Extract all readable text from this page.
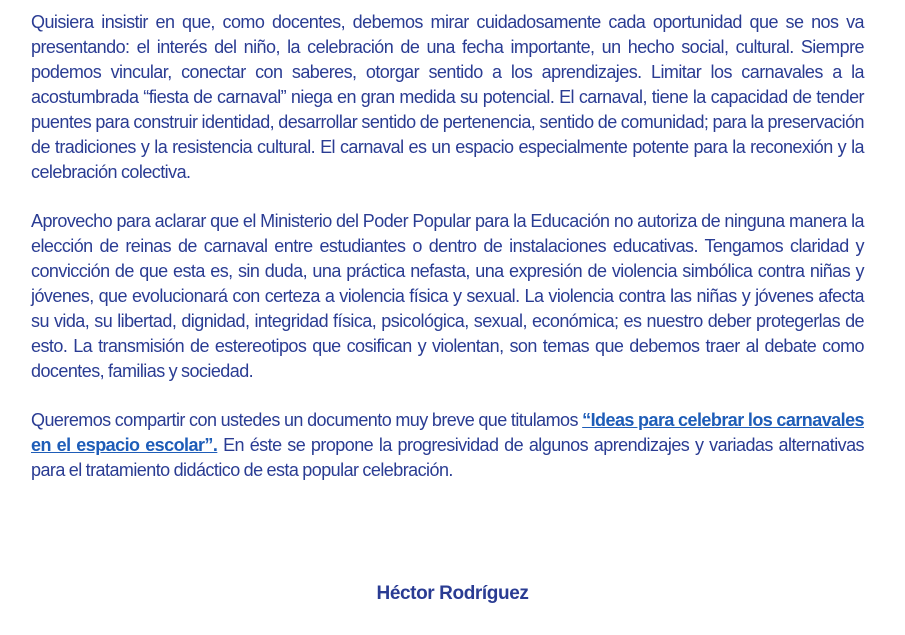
Quisiera insistir en que, como docentes, debemos mirar cuidadosamente cada oportunidad que se nos va presentando: el interés del niño, la celebración de una fecha importante, un hecho social, cultural. Siempre podemos vincular, conectar con saberes, otorgar sentido a los aprendizajes. Limitar los carnavales a la acostumbrada “fiesta de carnaval” niega en gran medida su potencial. El carnaval, tiene la capacidad de tender puentes para construir identidad, desarrollar sentido de pertenencia, sentido de comunidad; para la preservación de tradiciones y la resistencia cultural. El carnaval es un espacio especialmente potente para la reconexión y la celebración colectiva.

Aprovecho para aclarar que el Ministerio del Poder Popular para la Educación no autoriza de ninguna manera la elección de reinas de carnaval entre estudiantes o dentro de instalaciones educativas. Tengamos claridad y convicción de que esta es, sin duda, una práctica nefasta, una expresión de violencia simbólica contra niñas y jóvenes, que evolucionará con certeza a violencia física y sexual. La violencia contra las niñas y jóvenes afecta su vida, su libertad, dignidad, integridad física, psicológica, sexual, económica; es nuestro deber protegerlas de esto. La transmisión de estereotipos que cosifican y violentan, son temas que debemos traer al debate como docentes, familias y sociedad.

Queremos compartir con ustedes un documento muy breve que titulamos “Ideas para celebrar los carnavales en el espacio escolar”. En éste se propone la progresividad de algunos aprendizajes y variadas alternativas para el tratamiento didáctico de esta popular celebración.

Héctor Rodríguez
